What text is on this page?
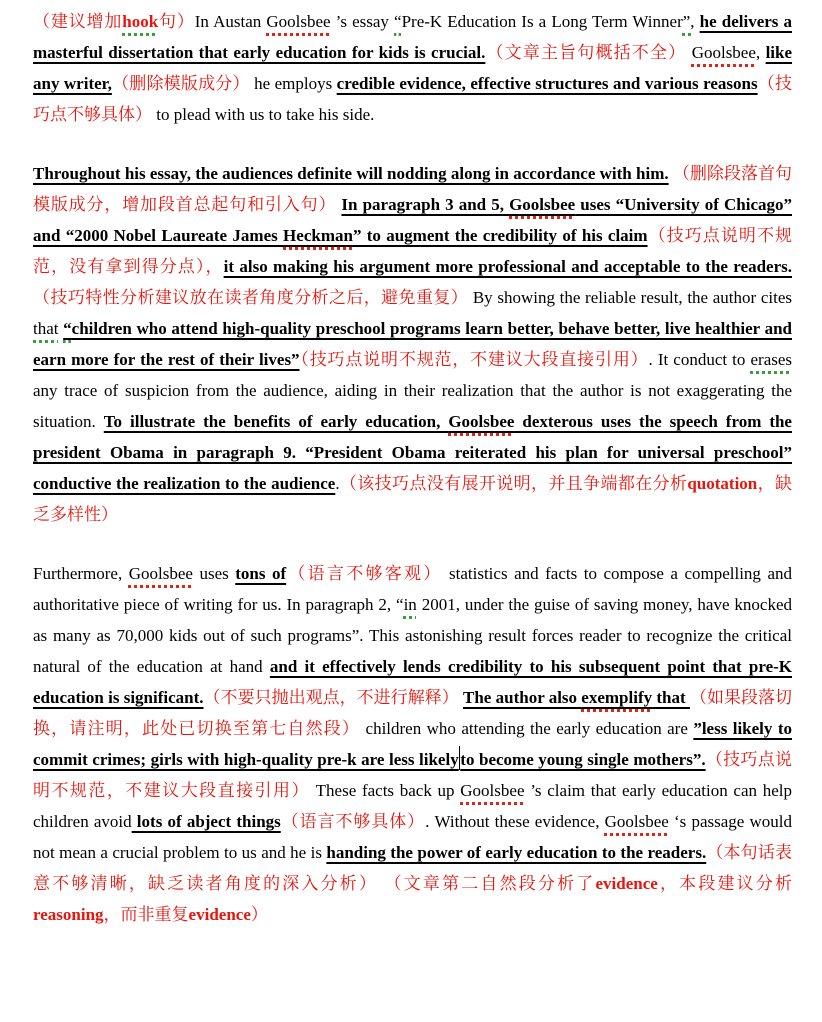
（建议增加hook句）In Austan Goolsbee ’s essay “Pre-K Education Is a Long Term Winner”, he delivers a masterful dissertation that early education for kids is crucial.（文章主旨句概括不全） Goolsbee, like any writer,（删除模版成分） he employs credible evidence, effective structures and various reasons（技巧点不够具体） to plead with us to take his side.

Throughout his essay, the audiences definite will nodding along in accordance with him. （删除段落首句模版成分，增加段首总起句和引入句） In paragraph 3 and 5, Goolsbee uses “University of Chicago” and “2000 Nobel Laureate James Heckman” to augment the credibility of his claim（技巧点说明不规范，没有拿到得分点），it also making his argument more professional and acceptable to the readers.（技巧特性分析建议放在读者角度分析之后，避免重复） By showing the reliable result, the author cites that “children who attend high-quality preschool programs learn better, behave better, live healthier and earn more for the rest of their lives”（技巧点说明不规范，不建议大段直接引用）. It conduct to erases any trace of suspicion from the audience, aiding in their realization that the author is not exaggerating the situation. To illustrate the benefits of early education, Goolsbee dexterous uses the speech from the president Obama in paragraph 9. “President Obama reiterated his plan for universal preschool” conductive the realization to the audience.（该技巧点没有展开说明，并且争端都在分析quotation，缺乏多样性）

Furthermore, Goolsbee uses tons of（语言不够客观） statistics and facts to compose a compelling and authoritative piece of writing for us. In paragraph 2, “in 2001, under the guise of saving money, have knocked as many as 70,000 kids out of such programs”. This astonishing result forces reader to recognize the critical natural of the education at hand and it effectively lends credibility to his subsequent point that pre-K education is significant.（不要只抛出观点，不进行解释） The author also exemplify that （如果段落切换，请注明，此处已切换至第七自然段） children who attending the early education are ”less likely to commit crimes; girls with high-quality pre-k are less likelyto become young single mothers”.（技巧点说明不规范，不建议大段直接引用） These facts back up Goolsbee ’s claim that early education can help children avoid lots of abject things（语言不够具体）. Without these evidence, Goolsbee ‘s passage would not mean a crucial problem to us and he is handing the power of early education to the readers.（本句话表意不够清晰，缺乏读者角度的深入分析） （文章第二自然段分析了evidence，本段建议分析reasoning，而非重复evidence）
